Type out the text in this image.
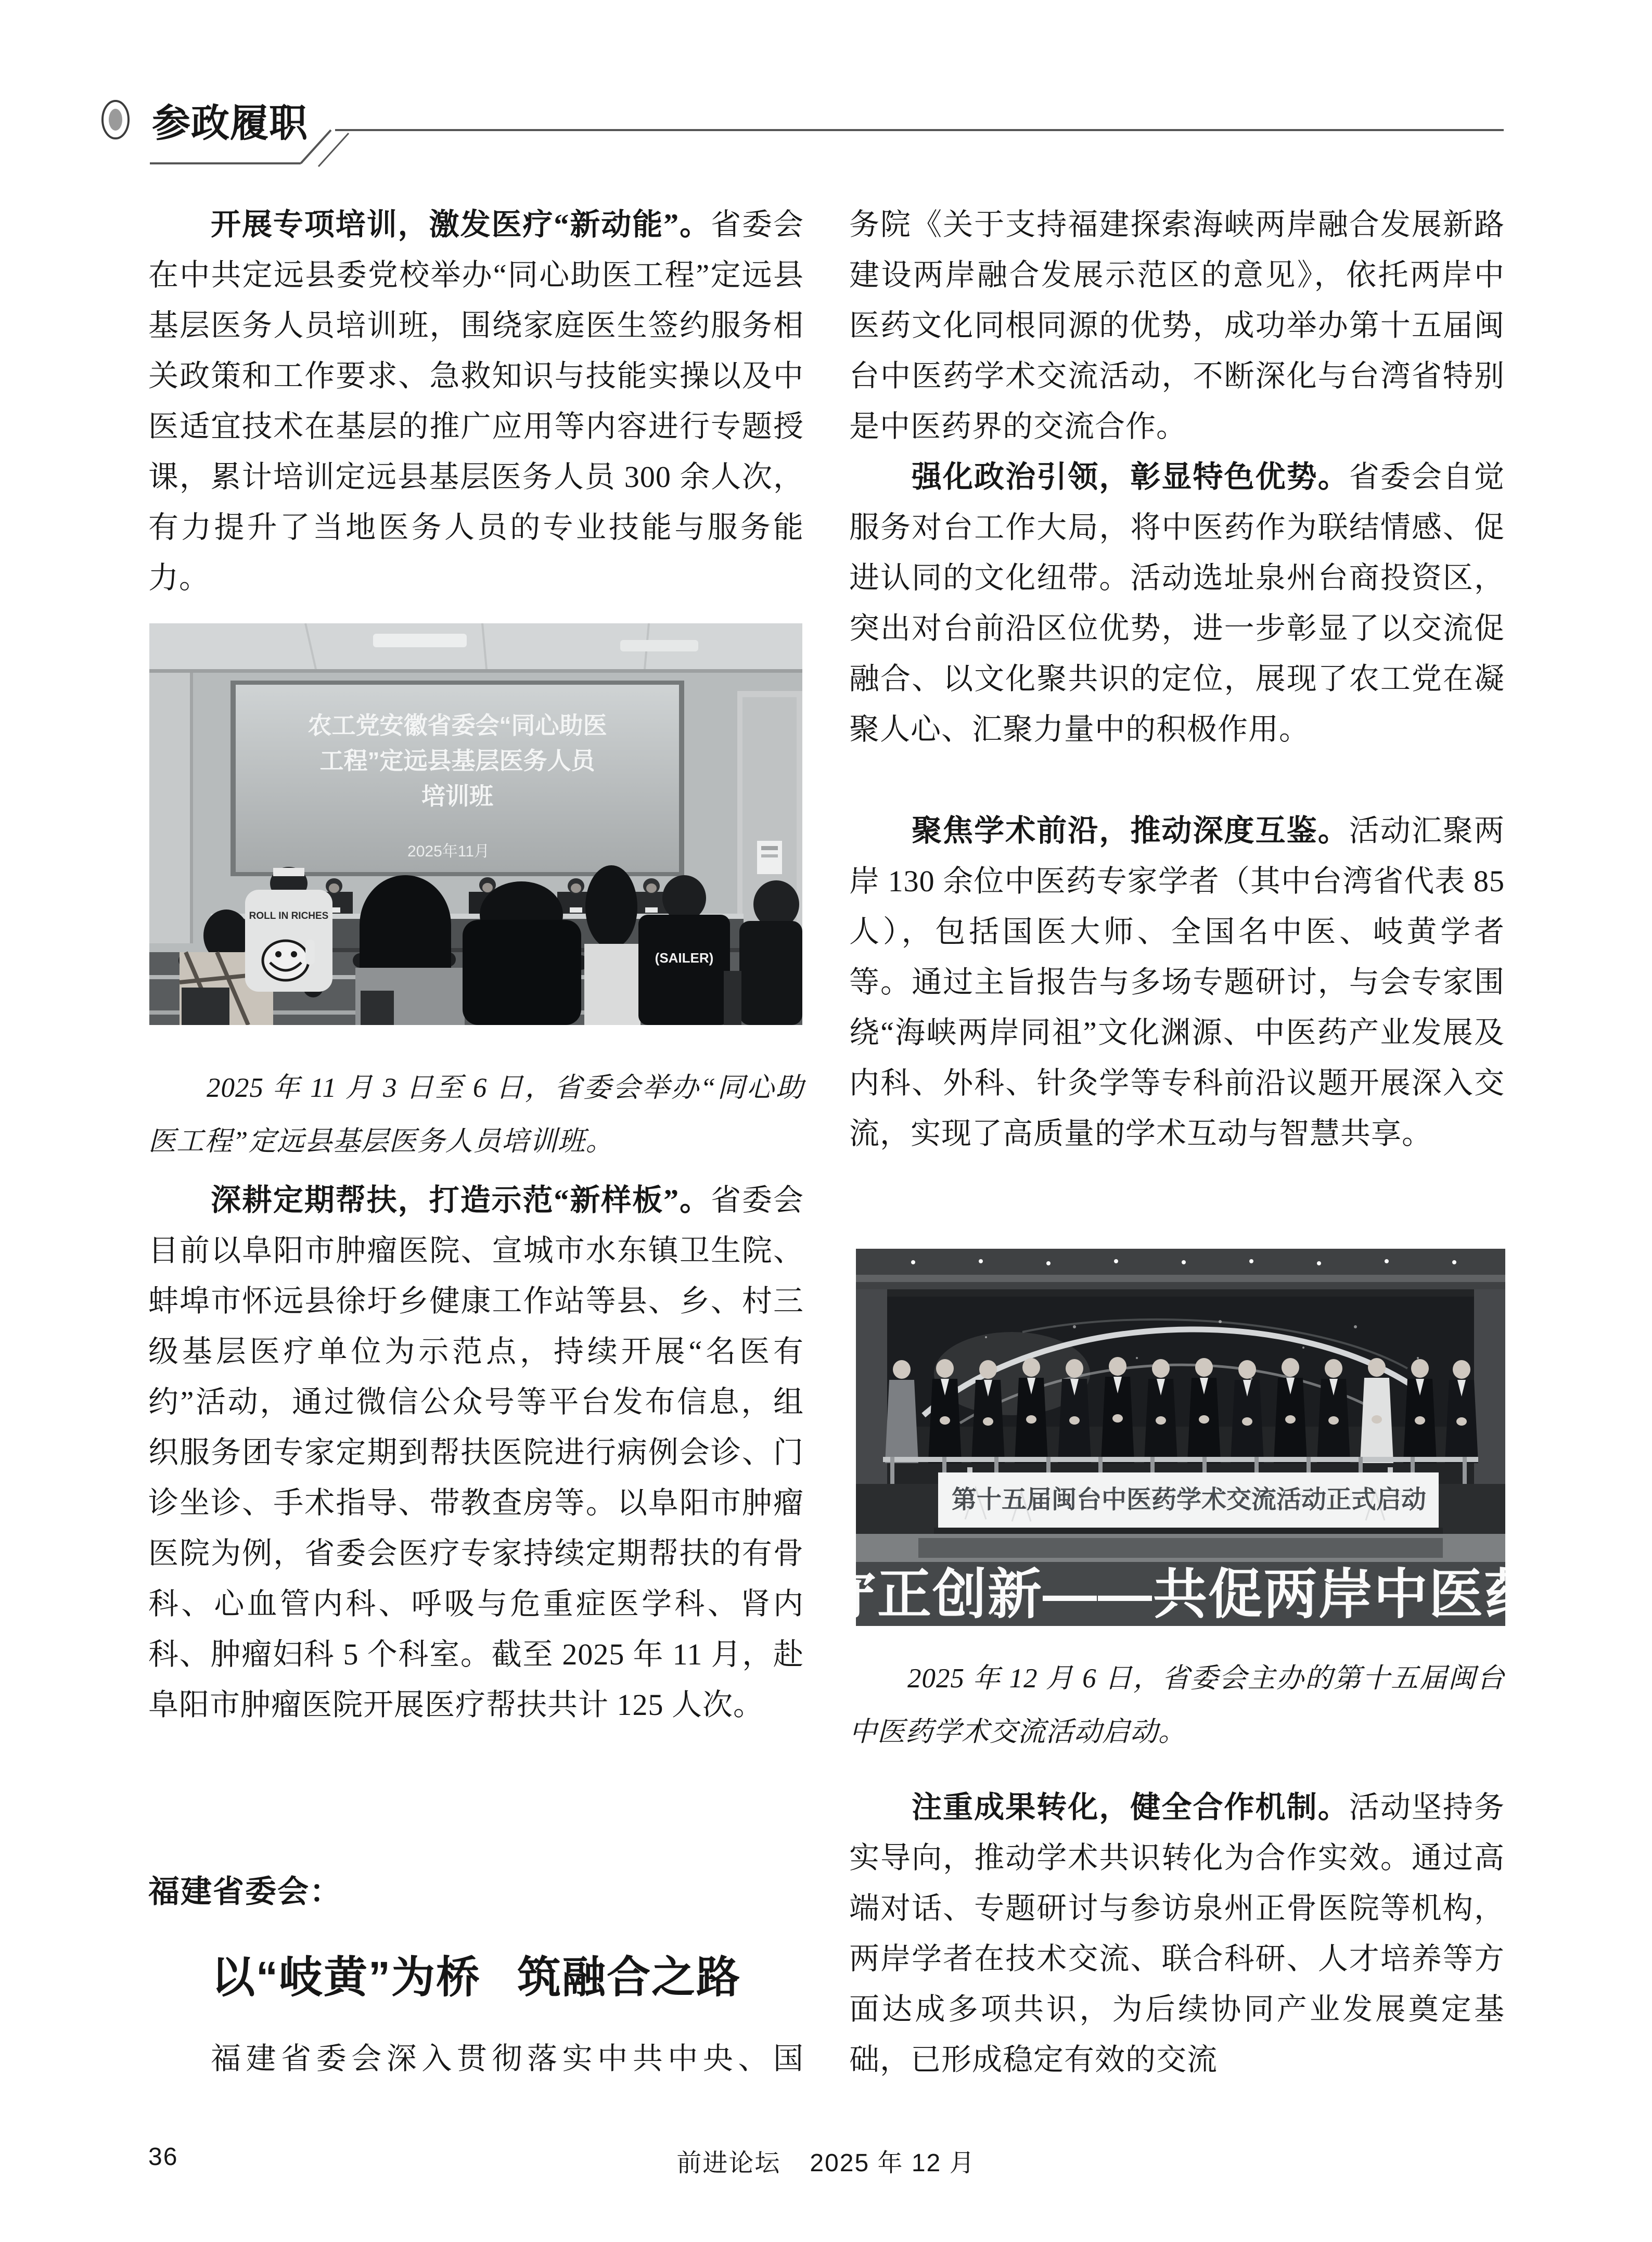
参政履职

开展专项培训，激发医疗“新动能”。省委会在中共定远县委党校举办“同心助医工程”定远县基层医务人员培训班，围绕家庭医生签约服务相关政策和工作要求、急救知识与技能实操以及中医适宜技术在基层的推广应用等内容进行专题授课，累计培训定远县基层医务人员 300 余人次，有力提升了当地医务人员的专业技能与服务能力。

农工党安徽省委会“同心助医
工程”定远县基层医务人员
培训班
2025年11月
ROLL IN RICHES
(SAILER)

2025 年 11 月 3 日至 6 日，省委会举办“同心助医工程”定远县基层医务人员培训班。

深耕定期帮扶，打造示范“新样板”。省委会目前以阜阳市肿瘤医院、宣城市水东镇卫生院、蚌埠市怀远县徐圩乡健康工作站等县、乡、村三级基层医疗单位为示范点，持续开展“名医有约”活动，通过微信公众号等平台发布信息，组织服务团专家定期到帮扶医院进行病例会诊、门诊坐诊、手术指导、带教查房等。以阜阳市肿瘤医院为例，省委会医疗专家持续定期帮扶的有骨科、心血管内科、呼吸与危重症医学科、肾内科、肿瘤妇科 5 个科室。截至 2025 年 11 月，赴阜阳市肿瘤医院开展医疗帮扶共计 125 人次。

福建省委会：
以“岐黄”为桥 筑融合之路

福建省委会深入贯彻落实中共中央、国

务院《关于支持福建探索海峡两岸融合发展新路 建设两岸融合发展示范区的意见》，依托两岸中医药文化同根同源的优势，成功举办第十五届闽台中医药学术交流活动，不断深化与台湾省特别是中医药界的交流合作。

强化政治引领，彰显特色优势。省委会自觉服务对台工作大局，将中医药作为联结情感、促进认同的文化纽带。活动选址泉州台商投资区，突出对台前沿区位优势，进一步彰显了以交流促融合、以文化聚共识的定位，展现了农工党在凝聚人心、汇聚力量中的积极作用。

聚焦学术前沿，推动深度互鉴。活动汇聚两岸 130 余位中医药专家学者（其中台湾省代表 85 人），包括国医大师、全国名中医、岐黄学者等。通过主旨报告与多场专题研讨，与会专家围绕“海峡两岸同祖”文化渊源、中医药产业发展及内科、外科、针灸学等专科前沿议题开展深入交流，实现了高质量的学术互动与智慧共享。

第十五届闽台中医药学术交流活动正式启动
守正创新——共促两岸中医药

2025 年 12 月 6 日，省委会主办的第十五届闽台中医药学术交流活动启动。

注重成果转化，健全合作机制。活动坚持务实导向，推动学术共识转化为合作实效。通过高端对话、专题研讨与参访泉州正骨医院等机构，两岸学者在技术交流、联合科研、人才培养等方面达成多项共识，为后续协同产业发展奠定基础，已形成稳定有效的交流

36	前进论坛 2025 年 12 月
